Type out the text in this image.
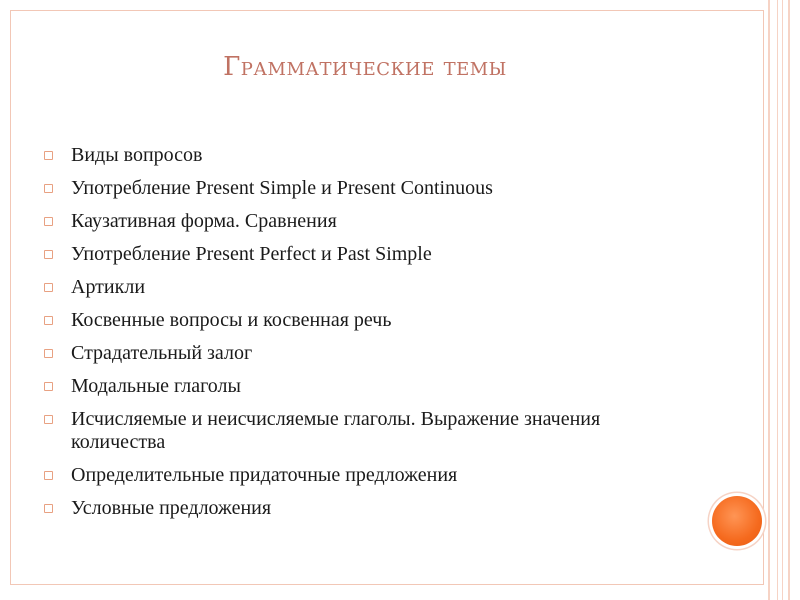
Грамматические темы
Виды вопросов
Употребление Present Simple и Present Continuous
Каузативная форма. Сравнения
Употребление Present Perfect и Past Simple
Артикли
Косвенные вопросы и косвенная речь
Страдательный залог
Модальные глаголы
Исчисляемые и неисчисляемые глаголы. Выражение значения количества
Определительные придаточные предложения
Условные предложения
